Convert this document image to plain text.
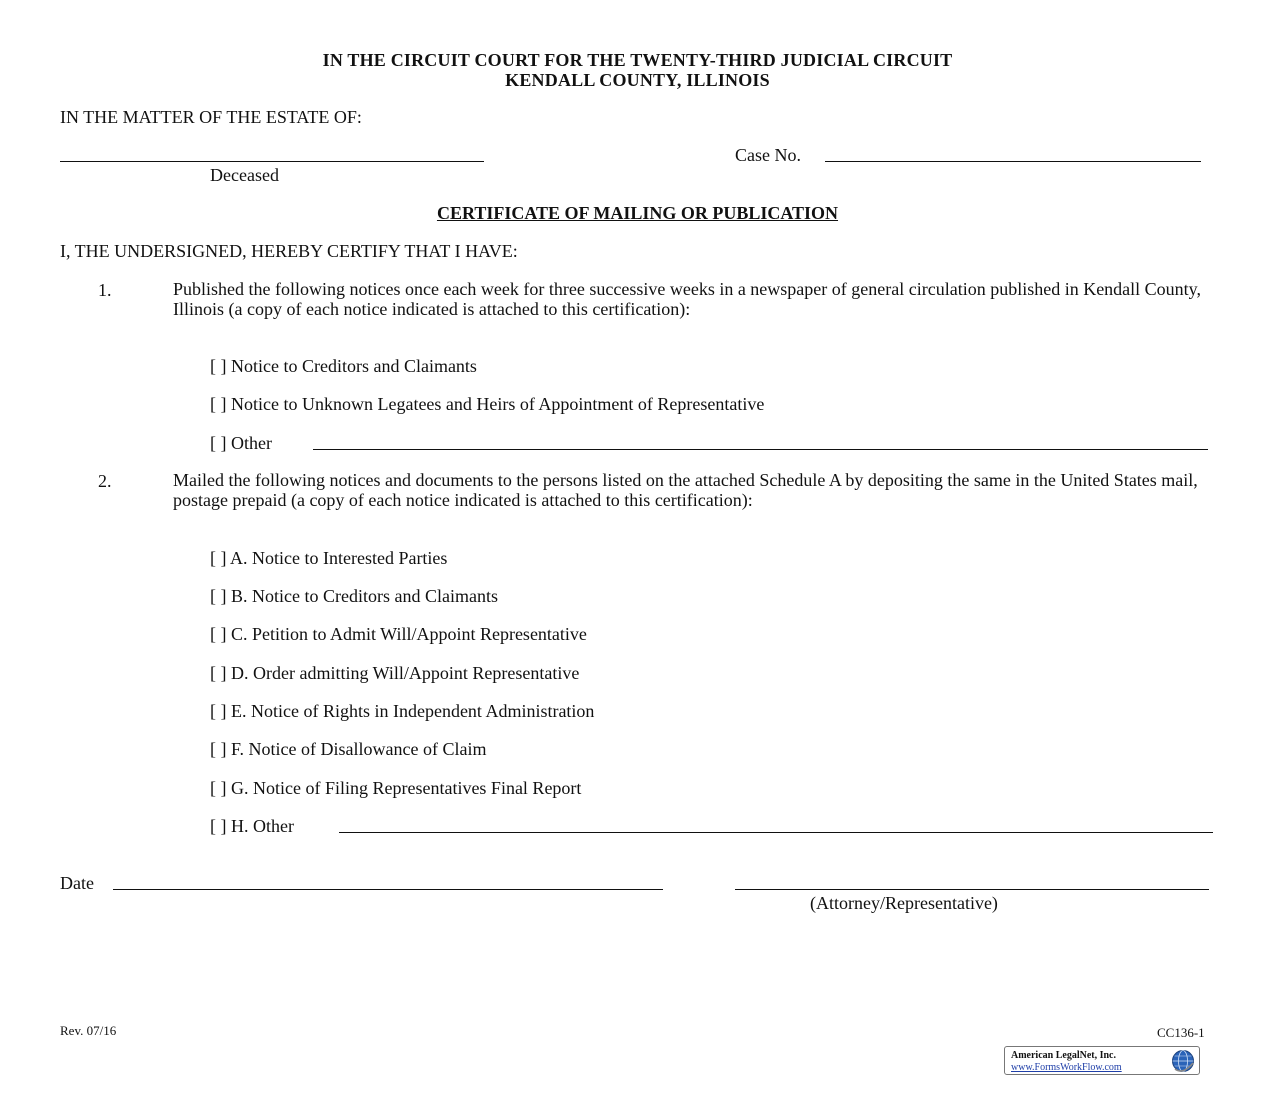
IN THE CIRCUIT COURT FOR THE TWENTY-THIRD JUDICIAL CIRCUIT
KENDALL COUNTY, ILLINOIS
IN THE MATTER OF THE ESTATE OF:
Deceased
Case No.
CERTIFICATE OF MAILING OR PUBLICATION
I, THE UNDERSIGNED, HEREBY CERTIFY THAT I HAVE:
1.	Published the following notices once each week for three successive weeks in a newspaper of general circulation published in Kendall County, Illinois (a copy of each notice indicated is attached to this certification):
[ ] Notice to Creditors and Claimants
[ ] Notice to Unknown Legatees and Heirs of Appointment of Representative
[ ] Other
2.	Mailed the following notices and documents to the persons listed on the attached Schedule A by depositing the same in the United States mail, postage prepaid (a copy of each notice indicated is attached to this certification):
[ ] A. Notice to Interested Parties
[ ] B. Notice to Creditors and Claimants
[ ] C. Petition to Admit Will/Appoint Representative
[ ] D. Order admitting Will/Appoint Representative
[ ] E. Notice of Rights in Independent Administration
[ ] F. Notice of Disallowance of Claim
[ ] G. Notice of Filing Representatives Final Report
[ ] H. Other
Date
(Attorney/Representative)
Rev. 07/16	CC136-1
American LegalNet, Inc.
www.FormsWorkFlow.com
